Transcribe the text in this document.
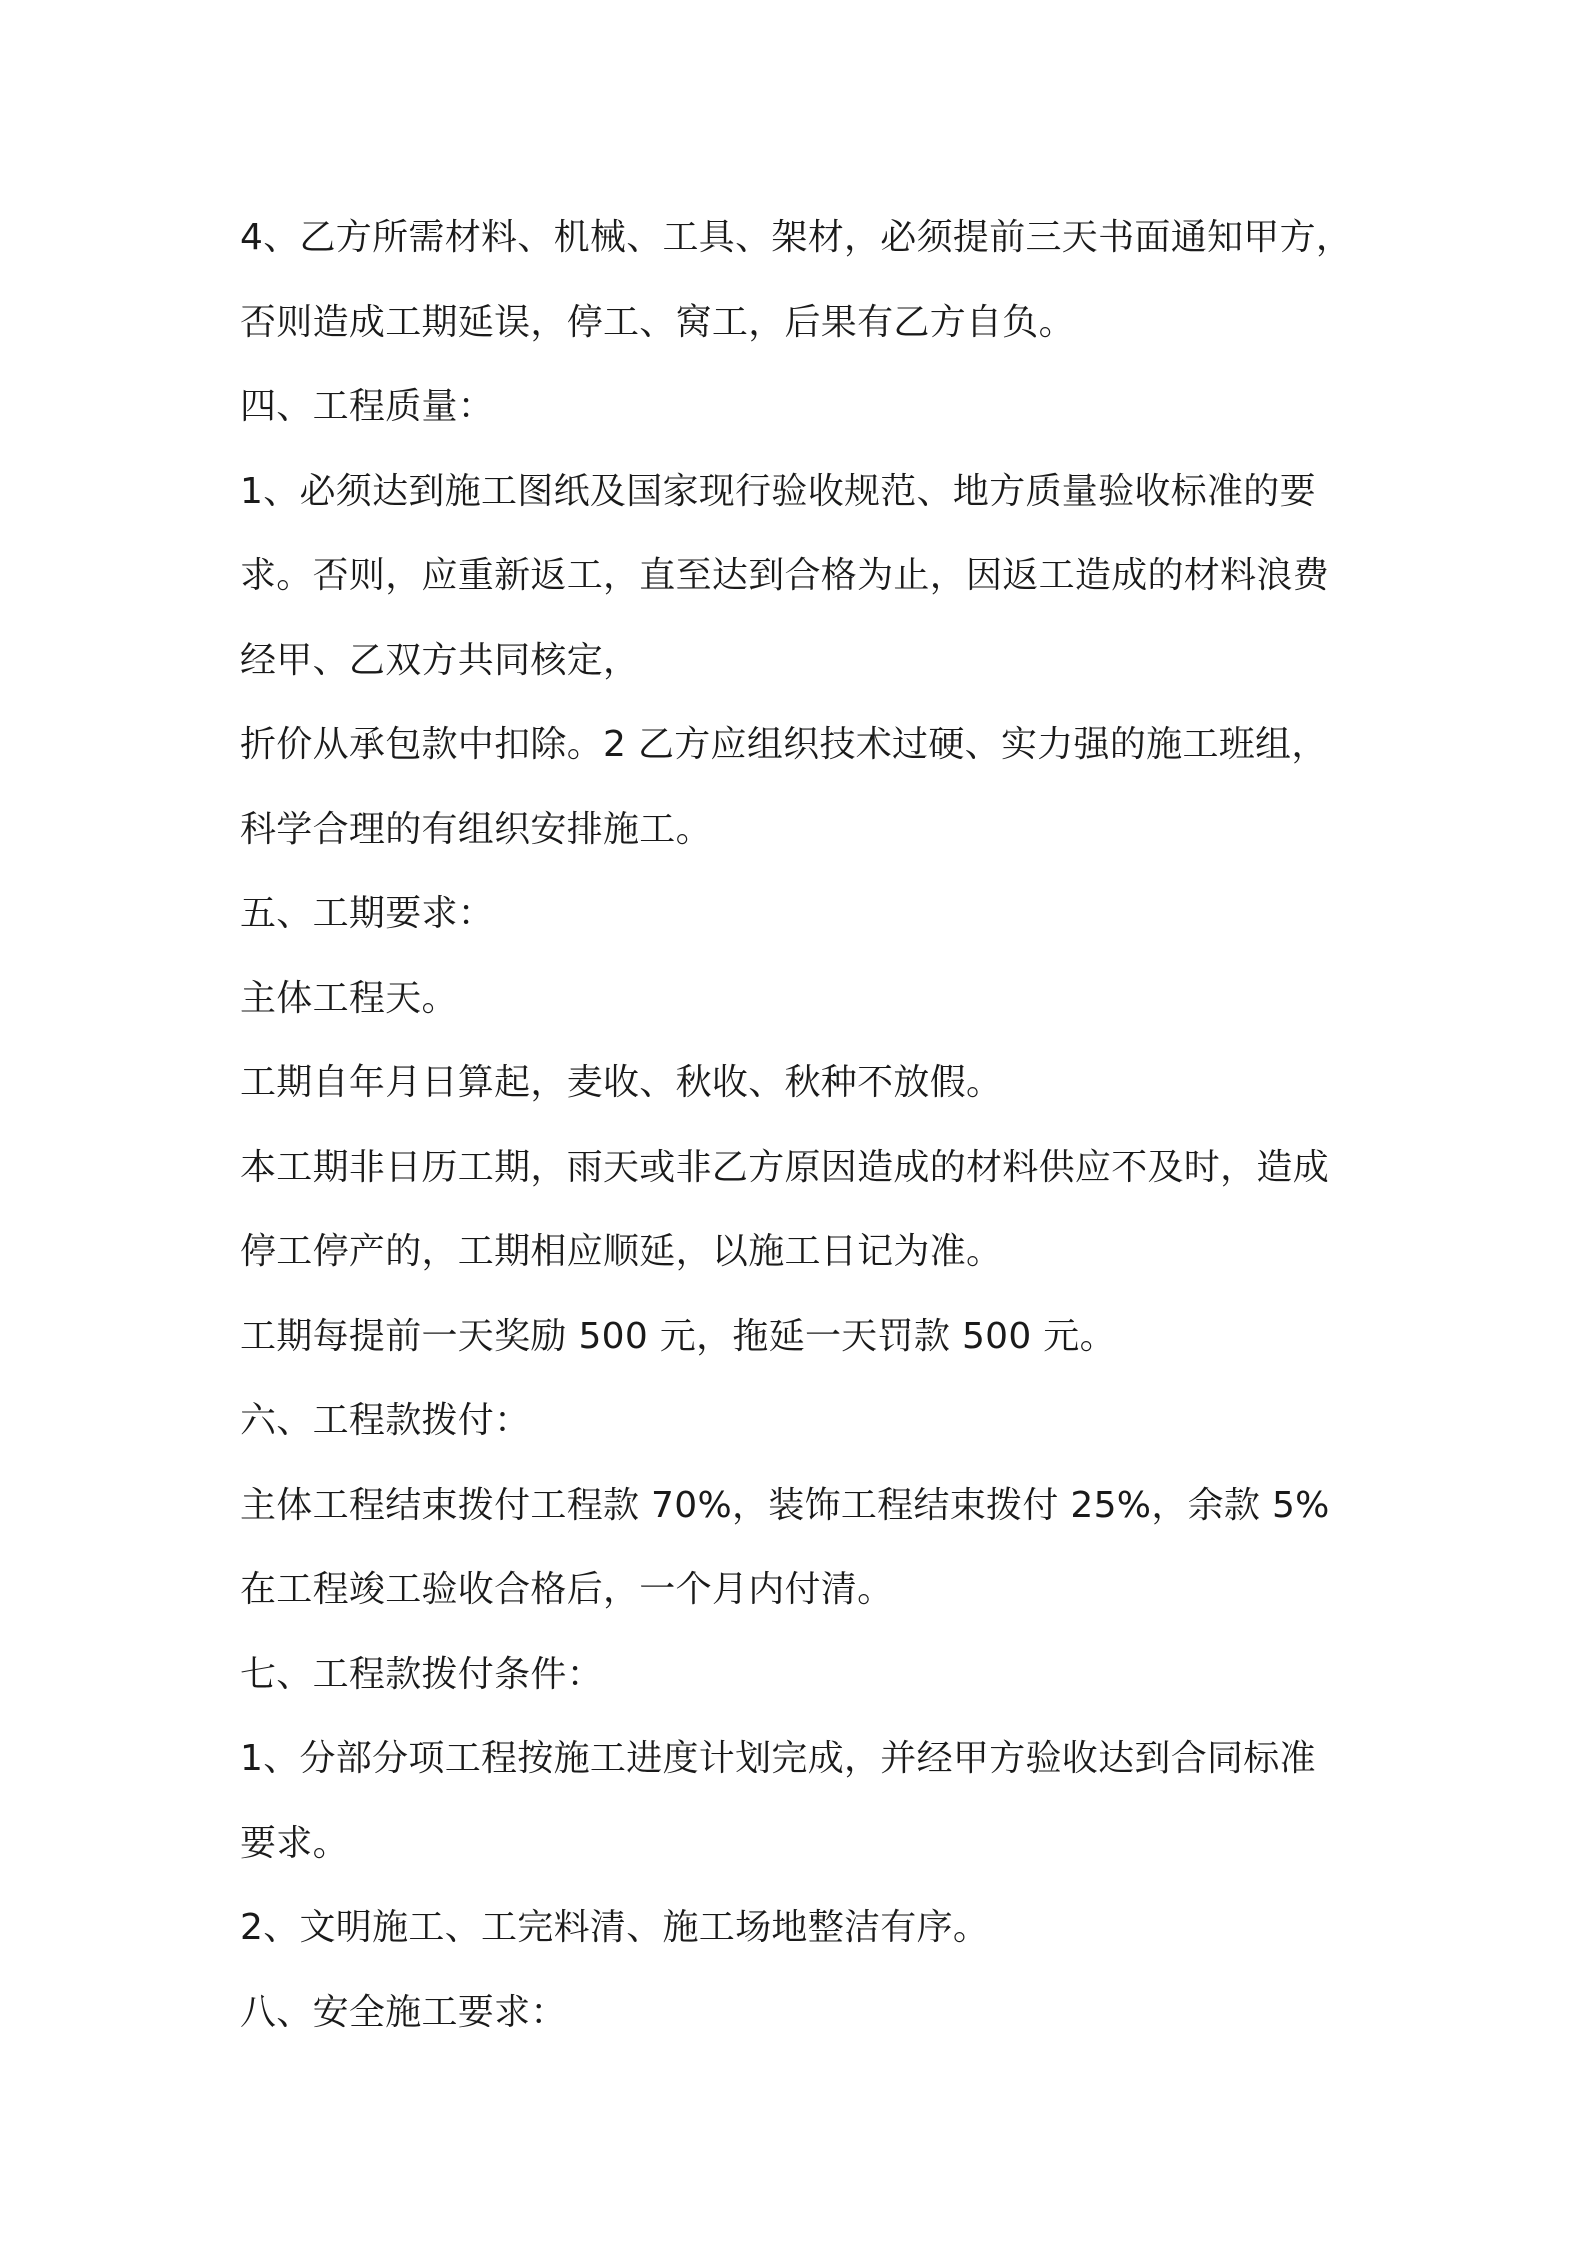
4、乙方所需材料、机械、工具、架材，必须提前三天书面通知甲方，
否则造成工期延误，停工、窝工，后果有乙方自负。
四、工程质量：
1、必须达到施工图纸及国家现行验收规范、地方质量验收标准的要
求。否则，应重新返工，直至达到合格为止，因返工造成的材料浪费
经甲、乙双方共同核定，
折价从承包款中扣除。2 乙方应组织技术过硬、实力强的施工班组，
科学合理的有组织安排施工。
五、工期要求：
主体工程天。
工期自年月日算起，麦收、秋收、秋种不放假。
本工期非日历工期，雨天或非乙方原因造成的材料供应不及时，造成
停工停产的，工期相应顺延，以施工日记为准。
工期每提前一天奖励 500 元，拖延一天罚款 500 元。
六、工程款拨付：
主体工程结束拨付工程款 70%，装饰工程结束拨付 25%，余款 5%
在工程竣工验收合格后，一个月内付清。
七、工程款拨付条件：
1、分部分项工程按施工进度计划完成，并经甲方验收达到合同标准
要求。
2、文明施工、工完料清、施工场地整洁有序。
八、安全施工要求：
